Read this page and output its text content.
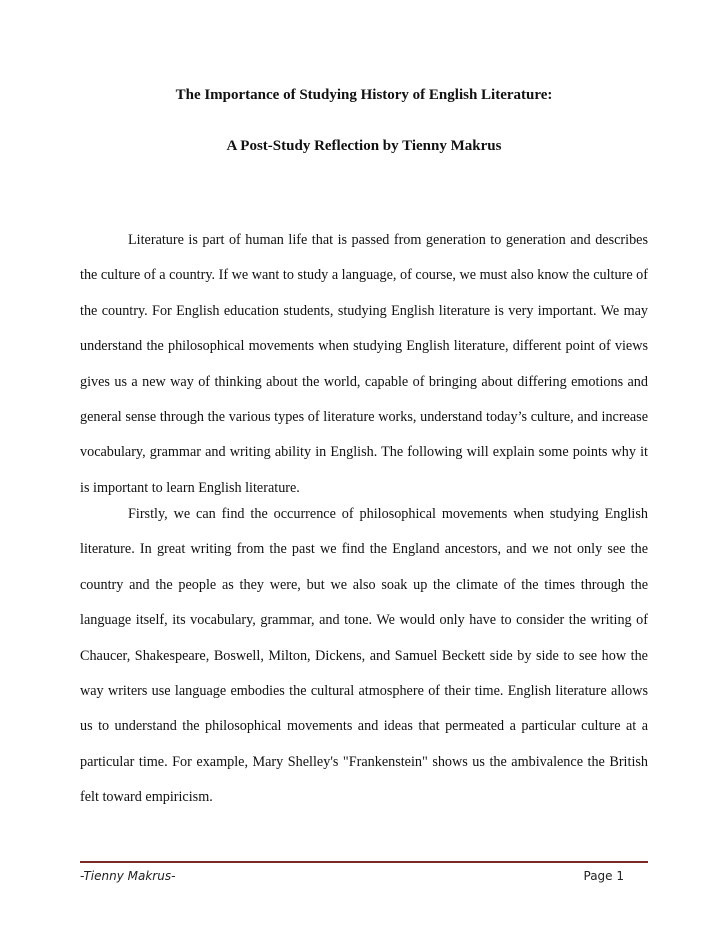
The Importance of Studying History of English Literature:
A Post-Study Reflection by Tienny Makrus

Literature is part of human life that is passed from generation to generation and describes the culture of a country. If we want to study a language, of course, we must also know the culture of the country. For English education students, studying English literature is very important. We may understand the philosophical movements when studying English literature, different point of views gives us a new way of thinking about the world, capable of bringing about differing emotions and general sense through the various types of literature works, understand today’s culture, and increase vocabulary, grammar and writing ability in English. The following will explain some points why it is important to learn English literature.

Firstly, we can find the occurrence of philosophical movements when studying English literature. In great writing from the past we find the England ancestors, and we not only see the country and the people as they were, but we also soak up the climate of the times through the language itself, its vocabulary, grammar, and tone. We would only have to consider the writing of Chaucer, Shakespeare, Boswell, Milton, Dickens, and Samuel Beckett side by side to see how the way writers use language embodies the cultural atmosphere of their time. English literature allows us to understand the philosophical movements and ideas that permeated a particular culture at a particular time. For example, Mary Shelley's "Frankenstein" shows us the ambivalence the British felt toward empiricism.

-Tienny Makrus-	Page 1
